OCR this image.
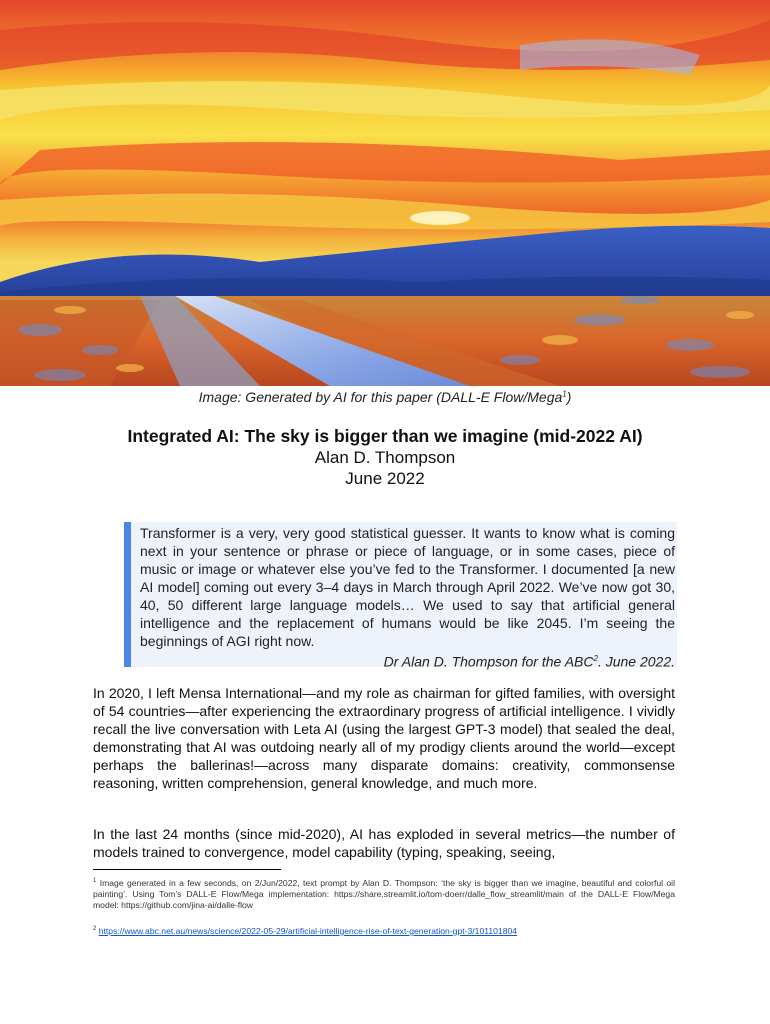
Image: Generated by AI for this paper (DALL-E Flow/Mega$^1$)
Integrated AI: The sky is bigger than we imagine (mid-2022 AI)
Alan D. Thompson
June 2022

Transformer is a very, very good statistical guesser. It wants to know what is coming next in your sentence or phrase or piece of language, or in some cases, piece of music or image or whatever else you’ve fed to the Transformer. I documented [a new AI model] coming out every 3–4 days in March through April 2022. We’ve now got 30, 40, 50 different large language models… We used to say that artificial general intelligence and the replacement of humans would be like 2045. I’m seeing the beginnings of AGI right now.

Dr Alan D. Thompson for the ABC$^2$. June 2022.

In 2020, I left Mensa International—and my role as chairman for gifted families, with oversight of 54 countries—after experiencing the extraordinary progress of artificial intelligence. I vividly recall the live conversation with Leta AI (using the largest GPT-3 model) that sealed the deal, demonstrating that AI was outdoing nearly all of my prodigy clients around the world—except perhaps the ballerinas!—across many disparate domains: creativity, commonsense reasoning, written comprehension, general knowledge, and much more.

In the last 24 months (since mid-2020), AI has exploded in several metrics—the number of models trained to convergence, model capability (typing, speaking, seeing,

$^1$ Image generated in a few seconds, on 2/Jun/2022, text prompt by Alan D. Thompson: ‘the sky is bigger than we imagine, beautiful and colorful oil painting’. Using Tom’s DALL-E Flow/Mega implementation: https://share.streamlit.io/tom-doerr/dalle_flow_streamlit/main of the DALL-E Flow/Mega model: https://github.com/jina-ai/dalle-flow

$^2$ https://www.abc.net.au/news/science/2022-05-29/artificial-intelligence-rise-of-text-generation-gpt-3/101101804
